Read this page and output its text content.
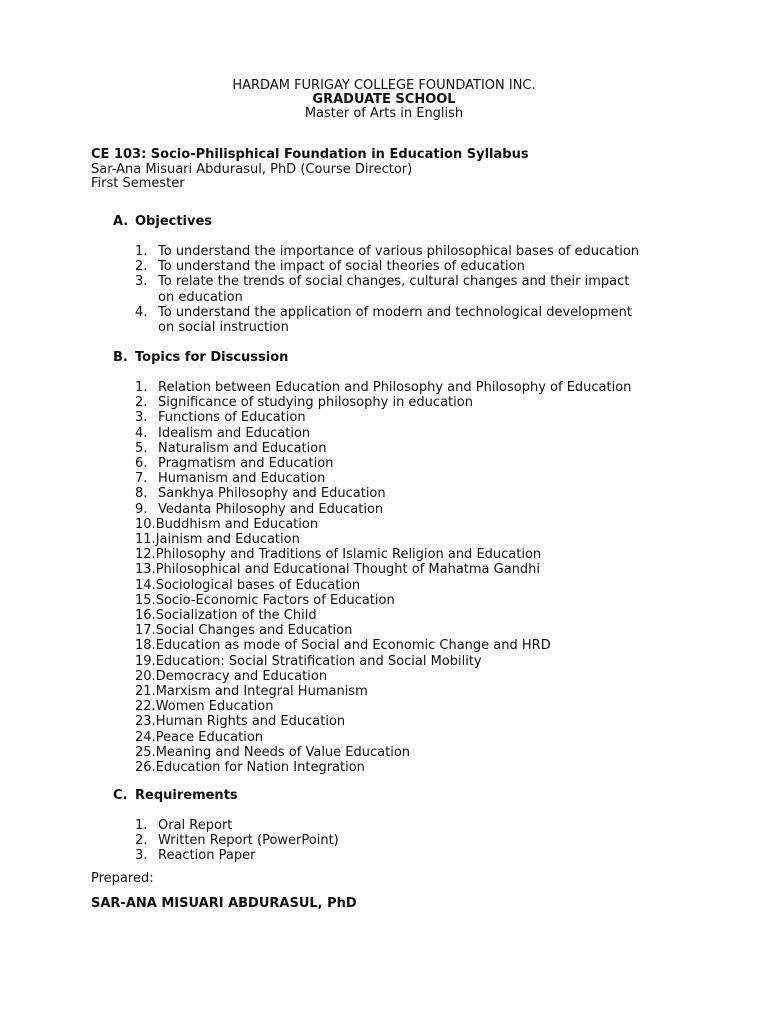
HARDAM FURIGAY COLLEGE FOUNDATION INC.
GRADUATE SCHOOL
Master of Arts in English
CE 103: Socio-Philisphical Foundation in Education Syllabus
Sar-Ana Misuari Abdurasul, PhD (Course Director)
First Semester
A. Objectives
1. To understand the importance of various philosophical bases of education
2. To understand the impact of social theories of education
3. To relate the trends of social changes, cultural changes and their impact
on education
4. To understand the application of modern and technological development
on social instruction
B. Topics for Discussion
1. Relation between Education and Philosophy and Philosophy of Education
2. Significance of studying philosophy in education
3. Functions of Education
4. Idealism and Education
5. Naturalism and Education
6. Pragmatism and Education
7. Humanism and Education
8. Sankhya Philosophy and Education
9. Vedanta Philosophy and Education
10. Buddhism and Education
11. Jainism and Education
12. Philosophy and Traditions of Islamic Religion and Education
13. Philosophical and Educational Thought of Mahatma Gandhi
14. Sociological bases of Education
15. Socio-Economic Factors of Education
16. Socialization of the Child
17. Social Changes and Education
18. Education as mode of Social and Economic Change and HRD
19. Education: Social Stratification and Social Mobility
20. Democracy and Education
21. Marxism and Integral Humanism
22. Women Education
23. Human Rights and Education
24. Peace Education
25. Meaning and Needs of Value Education
26. Education for Nation Integration
C. Requirements
1. Oral Report
2. Written Report (PowerPoint)
3. Reaction Paper
Prepared:
SAR-ANA MISUARI ABDURASUL, PhD
